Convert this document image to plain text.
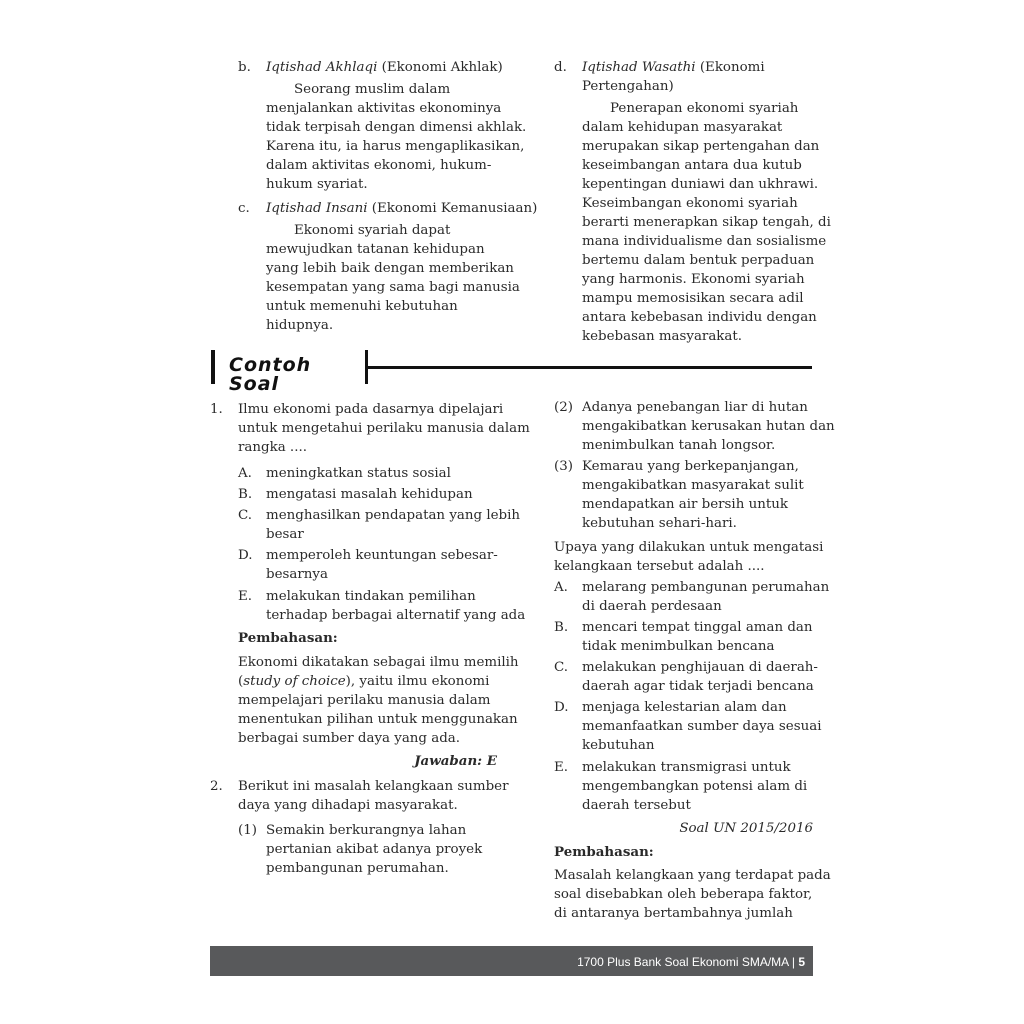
b. Iqtishad Akhlaqi (Ekonomi Akhlak)
Seorang muslim dalam
menjalankan aktivitas ekonominya
tidak terpisah dengan dimensi akhlak.
Karena itu, ia harus mengaplikasikan,
dalam aktivitas ekonomi, hukum-
hukum syariat.
c. Iqtishad Insani (Ekonomi Kemanusiaan)
Ekonomi syariah dapat
mewujudkan tatanan kehidupan
yang lebih baik dengan memberikan
kesempatan yang sama bagi manusia
untuk memenuhi kebutuhan
hidupnya.
d. Iqtishad Wasathi (Ekonomi
Pertengahan)
Penerapan ekonomi syariah
dalam kehidupan masyarakat
merupakan sikap pertengahan dan
keseimbangan antara dua kutub
kepentingan duniawi dan ukhrawi.
Keseimbangan ekonomi syariah
berarti menerapkan sikap tengah, di
mana individualisme dan sosialisme
bertemu dalam bentuk perpaduan
yang harmonis. Ekonomi syariah
mampu memosisikan secara adil
antara kebebasan individu dengan
kebebasan masyarakat.
Contoh Soal
1. Ilmu ekonomi pada dasarnya dipelajari
untuk mengetahui perilaku manusia dalam
rangka ....
A. meningkatkan status sosial
B. mengatasi masalah kehidupan
C. menghasilkan pendapatan yang lebih
besar
D. memperoleh keuntungan sebesar-
besarnya
E. melakukan tindakan pemilihan
terhadap berbagai alternatif yang ada
Pembahasan:
Ekonomi dikatakan sebagai ilmu memilih
(study of choice), yaitu ilmu ekonomi
mempelajari perilaku manusia dalam
menentukan pilihan untuk menggunakan
berbagai sumber daya yang ada.
Jawaban: E
2. Berikut ini masalah kelangkaan sumber
daya yang dihadapi masyarakat.
(1) Semakin berkurangnya lahan
pertanian akibat adanya proyek
pembangunan perumahan.
(2) Adanya penebangan liar di hutan
mengakibatkan kerusakan hutan dan
menimbulkan tanah longsor.
(3) Kemarau yang berkepanjangan,
mengakibatkan masyarakat sulit
mendapatkan air bersih untuk
kebutuhan sehari-hari.
Upaya yang dilakukan untuk mengatasi
kelangkaan tersebut adalah ....
A. melarang pembangunan perumahan
di daerah perdesaan
B. mencari tempat tinggal aman dan
tidak menimbulkan bencana
C. melakukan penghijauan di daerah-
daerah agar tidak terjadi bencana
D. menjaga kelestarian alam dan
memanfaatkan sumber daya sesuai
kebutuhan
E. melakukan transmigrasi untuk
mengembangkan potensi alam di
daerah tersebut
Soal UN 2015/2016
Pembahasan:
Masalah kelangkaan yang terdapat pada
soal disebabkan oleh beberapa faktor,
di antaranya bertambahnya jumlah
1700 Plus Bank Soal Ekonomi SMA/MA | 5
